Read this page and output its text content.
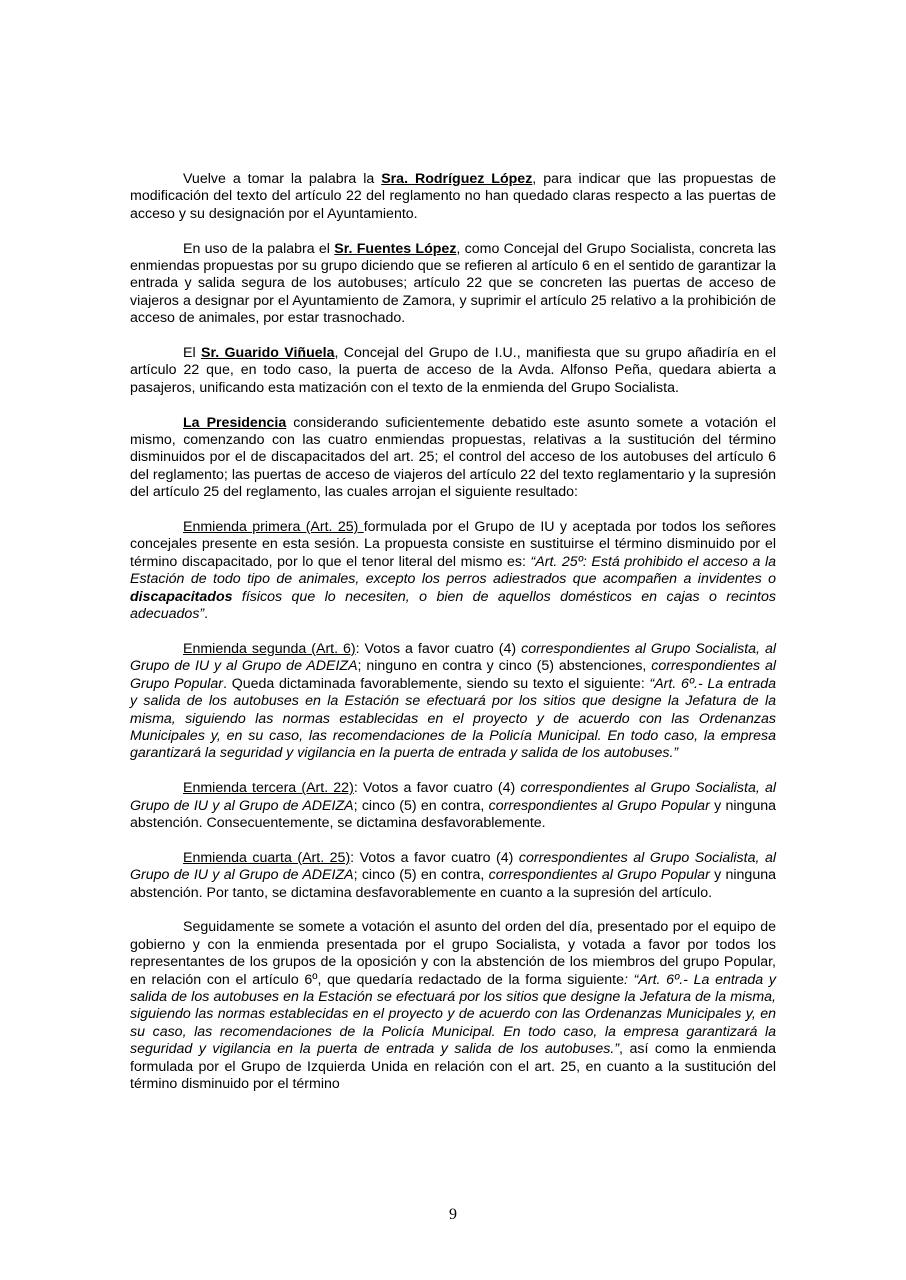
Vuelve a tomar la palabra la Sra. Rodríguez López, para indicar que las propuestas de modificación del texto del artículo 22 del reglamento no han quedado claras respecto a las puertas de acceso y su designación por el Ayuntamiento.

En uso de la palabra el Sr. Fuentes López, como Concejal del Grupo Socialista, concreta las enmiendas propuestas por su grupo diciendo que se refieren al artículo 6 en el sentido de garantizar la entrada y salida segura de los autobuses; artículo 22 que se concreten las puertas de acceso de viajeros a designar por el Ayuntamiento de Zamora, y suprimir el artículo 25 relativo a la prohibición de acceso de animales, por estar trasnochado.

El Sr. Guarido Viñuela, Concejal del Grupo de I.U., manifiesta que su grupo añadiría en el artículo 22 que, en todo caso, la puerta de acceso de la Avda. Alfonso Peña, quedara abierta a pasajeros, unificando esta matización con el texto de la enmienda del Grupo Socialista.

La Presidencia considerando suficientemente debatido este asunto somete a votación el mismo, comenzando con las cuatro enmiendas propuestas, relativas a la sustitución del término disminuidos por el de discapacitados del art. 25; el control del acceso de los autobuses del artículo 6 del reglamento; las puertas de acceso de viajeros del artículo 22 del texto reglamentario y la supresión del artículo 25 del reglamento, las cuales arrojan el siguiente resultado:

Enmienda primera (Art. 25) formulada por el Grupo de IU y aceptada por todos los señores concejales presente en esta sesión. La propuesta consiste en sustituirse el término disminuido por el término discapacitado, por lo que el tenor literal del mismo es: “Art. 25º: Está prohibido el acceso a la Estación de todo tipo de animales, excepto los perros adiestrados que acompañen a invidentes o discapacitados físicos que lo necesiten, o bien de aquellos domésticos en cajas o recintos adecuados”.

Enmienda segunda (Art. 6): Votos a favor cuatro (4) correspondientes al Grupo Socialista, al Grupo de IU y al Grupo de ADEIZA; ninguno en contra y cinco (5) abstenciones, correspondientes al Grupo Popular. Queda dictaminada favorablemente, siendo su texto el siguiente: “Art. 6º.- La entrada y salida de los autobuses en la Estación se efectuará por los sitios que designe la Jefatura de la misma, siguiendo las normas establecidas en el proyecto y de acuerdo con las Ordenanzas Municipales y, en su caso, las recomendaciones de la Policía Municipal. En todo caso, la empresa garantizará la seguridad y vigilancia en la puerta de entrada y salida de los autobuses.”

Enmienda tercera (Art. 22): Votos a favor cuatro (4) correspondientes al Grupo Socialista, al Grupo de IU y al Grupo de ADEIZA; cinco (5) en contra, correspondientes al Grupo Popular y ninguna abstención. Consecuentemente, se dictamina desfavorablemente.

Enmienda cuarta (Art. 25): Votos a favor cuatro (4) correspondientes al Grupo Socialista, al Grupo de IU y al Grupo de ADEIZA; cinco (5) en contra, correspondientes al Grupo Popular y ninguna abstención. Por tanto, se dictamina desfavorablemente en cuanto a la supresión del artículo.

Seguidamente se somete a votación el asunto del orden del día, presentado por el equipo de gobierno y con la enmienda presentada por el grupo Socialista, y votada a favor por todos los representantes de los grupos de la oposición y con la abstención de los miembros del grupo Popular, en relación con el artículo 6º, que quedaría redactado de la forma siguiente: “Art. 6º.- La entrada y salida de los autobuses en la Estación se efectuará por los sitios que designe la Jefatura de la misma, siguiendo las normas establecidas en el proyecto y de acuerdo con las Ordenanzas Municipales y, en su caso, las recomendaciones de la Policía Municipal. En todo caso, la empresa garantizará la seguridad y vigilancia en la puerta de entrada y salida de los autobuses.”, así como la enmienda formulada por el Grupo de Izquierda Unida en relación con el art. 25, en cuanto a la sustitución del término disminuido por el término

9
